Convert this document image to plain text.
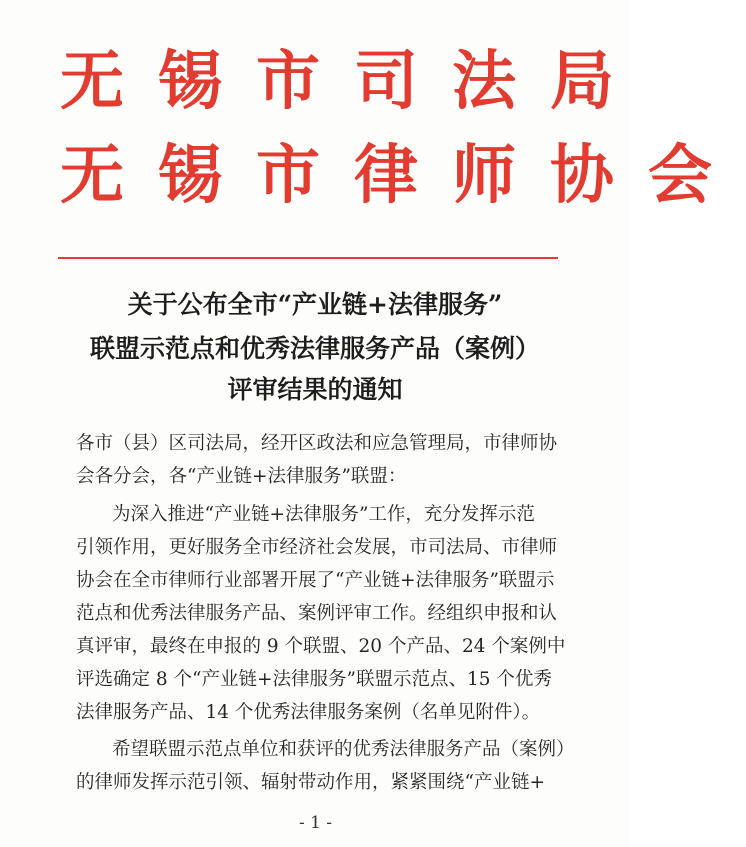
无锡市司法局
无锡市律师协会
关于公布全市“产业链+法律服务”
联盟示范点和优秀法律服务产品（案例）
评审结果的通知
各市（县）区司法局，经开区政法和应急管理局，市律师协
会各分会，各“产业链+法律服务”联盟：
为深入推进“产业链+法律服务”工作，充分发挥示范
引领作用，更好服务全市经济社会发展，市司法局、市律师
协会在全市律师行业部署开展了“产业链+法律服务”联盟示
范点和优秀法律服务产品、案例评审工作。经组织申报和认
真评审，最终在申报的 9 个联盟、20 个产品、24 个案例中
评选确定 8 个“产业链+法律服务”联盟示范点、15 个优秀
法律服务产品、14 个优秀法律服务案例（名单见附件）。
希望联盟示范点单位和获评的优秀法律服务产品（案例）
的律师发挥示范引领、辐射带动作用，紧紧围绕“产业链+
- 1 -
